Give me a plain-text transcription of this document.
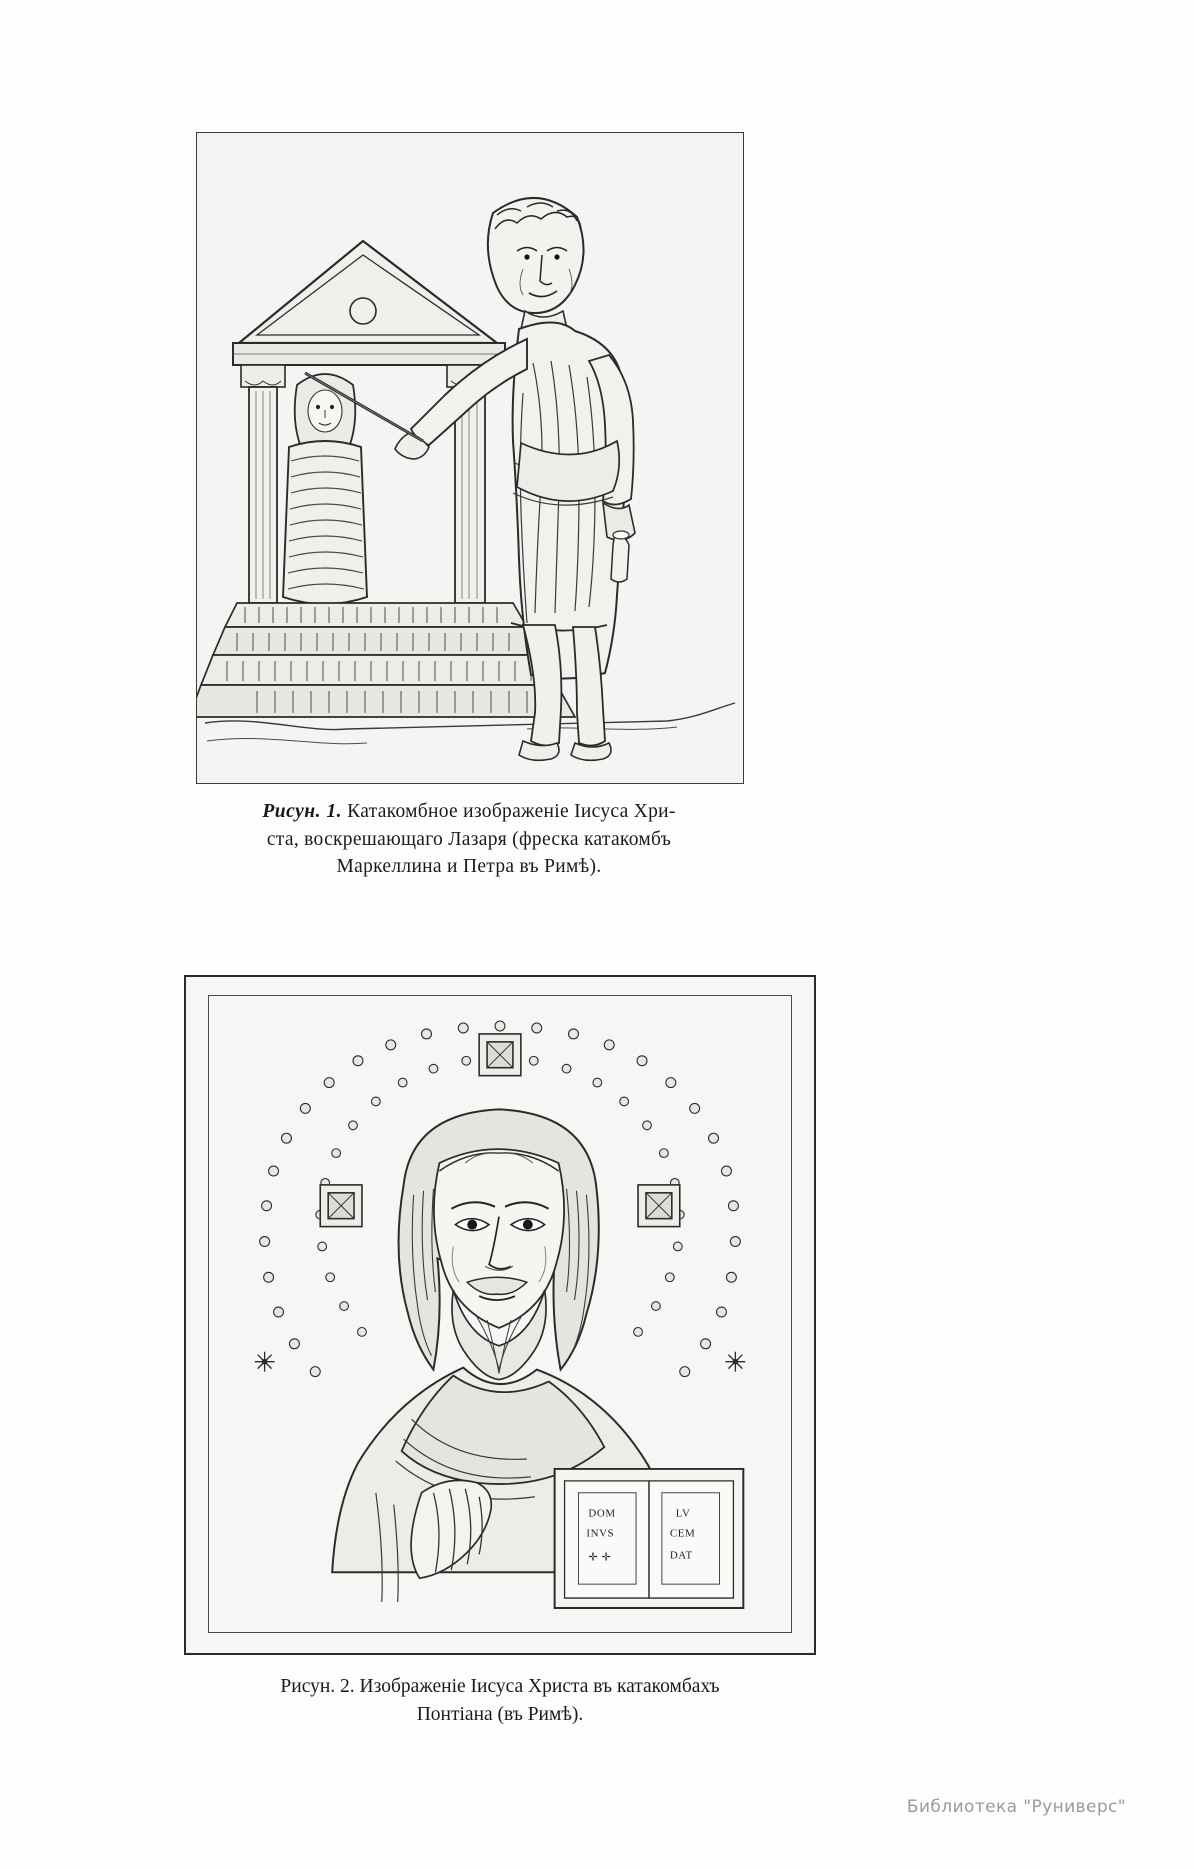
Рисун. 1. Катакомбное изображеніе Іисуса Хри-
ста, воскрешающаго Лазаря (фреска катакомбъ
Маркеллина и Петра въ Римѣ).
DOM
INVS
✛ ✛
LV
CEM
DAT
Рисун. 2. Изображеніе Іисуса Христа въ катакомбахъ
Понтіана (въ Римѣ).
Библиотека "Руниверс"
